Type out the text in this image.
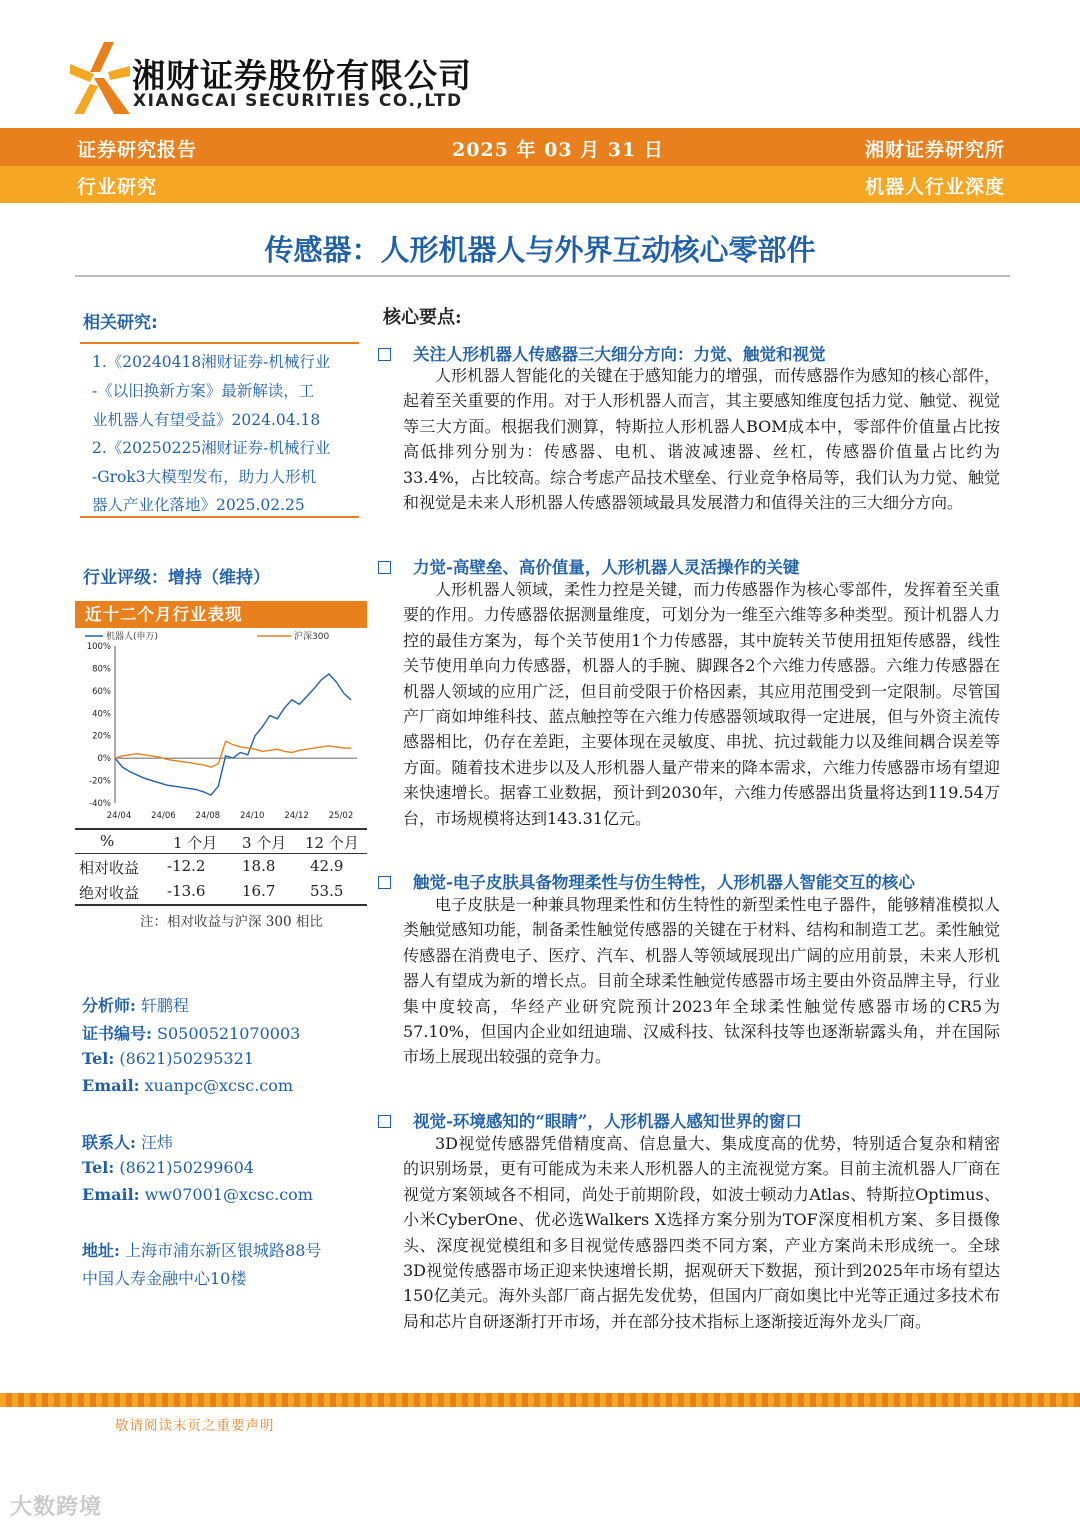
湘财证券股份有限公司
XIANGCAI SECURITIES CO.,LTD
证券研究报告	2025 年 03 月 31 日	湘财证券研究所
行业研究	机器人行业深度
传感器：人形机器人与外界互动核心零部件
相关研究:
1.《20240418湘财证券-机械行业
-《以旧换新方案》最新解读，工
业机器人有望受益》2024.04.18
2.《20250225湘财证券-机械行业
-Grok3大模型发布，助力人形机
器人产业化落地》2025.02.25
行业评级：增持（维持）
近十二个月行业表现
机器人(申万)	沪深300
100%
80%
60%
40%
20%
0%
-20%
-40%
24/04 24/06 24/08 24/10 24/12 25/02
%	1 个月 3 个月 12 个月
相对收益 -12.2 18.8 42.9
绝对收益 -13.6 16.7 53.5
注：相对收益与沪深 300 相比
分析师: 轩鹏程
证书编号: S0500521070003
Tel: (8621)50295321
Email: xuanpc@xcsc.com
联系人: 汪炜
Tel: (8621)50299604
Email: ww07001@xcsc.com
地址: 上海市浦东新区银城路88号
中国人寿金融中心10楼
核心要点:
关注人形机器人传感器三大细分方向：力觉、触觉和视觉
人形机器人智能化的关键在于感知能力的增强，而传感器作为感知的核心部件，起着至关重要的作用。对于人形机器人而言，其主要感知维度包括力觉、触觉、视觉等三大方面。根据我们测算，特斯拉人形机器人BOM成本中，零部件价值量占比按高低排列分别为：传感器、电机、谐波减速器、丝杠，传感器价值量占比约为33.4%，占比较高。综合考虑产品技术壁垒、行业竞争格局等，我们认为力觉、触觉和视觉是未来人形机器人传感器领域最具发展潜力和值得关注的三大细分方向。
力觉-高壁垒、高价值量，人形机器人灵活操作的关键
人形机器人领域，柔性力控是关键，而力传感器作为核心零部件，发挥着至关重要的作用。力传感器依据测量维度，可划分为一维至六维等多种类型。预计机器人力控的最佳方案为，每个关节使用1个力传感器，其中旋转关节使用扭矩传感器，线性关节使用单向力传感器，机器人的手腕、脚踝各2个六维力传感器。六维力传感器在机器人领域的应用广泛，但目前受限于价格因素，其应用范围受到一定限制。尽管国产厂商如坤维科技、蓝点触控等在六维力传感器领域取得一定进展，但与外资主流传感器相比，仍存在差距，主要体现在灵敏度、串扰、抗过载能力以及维间耦合误差等方面。随着技术进步以及人形机器人量产带来的降本需求，六维力传感器市场有望迎来快速增长。据睿工业数据，预计到2030年，六维力传感器出货量将达到119.54万台，市场规模将达到143.31亿元。
触觉-电子皮肤具备物理柔性与仿生特性，人形机器人智能交互的核心
电子皮肤是一种兼具物理柔性和仿生特性的新型柔性电子器件，能够精准模拟人类触觉感知功能，制备柔性触觉传感器的关键在于材料、结构和制造工艺。柔性触觉传感器在消费电子、医疗、汽车、机器人等领域展现出广阔的应用前景，未来人形机器人有望成为新的增长点。目前全球柔性触觉传感器市场主要由外资品牌主导，行业集中度较高，华经产业研究院预计2023年全球柔性触觉传感器市场的CR5为57.10%，但国内企业如纽迪瑞、汉威科技、钛深科技等也逐渐崭露头角，并在国际市场上展现出较强的竞争力。
视觉-环境感知的“眼睛”，人形机器人感知世界的窗口
3D视觉传感器凭借精度高、信息量大、集成度高的优势，特别适合复杂和精密的识别场景，更有可能成为未来人形机器人的主流视觉方案。目前主流机器人厂商在视觉方案领域各不相同，尚处于前期阶段，如波士顿动力Atlas、特斯拉Optimus、小米CyberOne、优必选Walkers X选择方案分别为TOF深度相机方案、多目摄像头、深度视觉模组和多目视觉传感器四类不同方案，产业方案尚未形成统一。全球3D视觉传感器市场正迎来快速增长期，据观研天下数据，预计到2025年市场有望达150亿美元。海外头部厂商占据先发优势，但国内厂商如奥比中光等正通过多技术布局和芯片自研逐渐打开市场，并在部分技术指标上逐渐接近海外龙头厂商。
敬请阅读末页之重要声明
大数跨境
